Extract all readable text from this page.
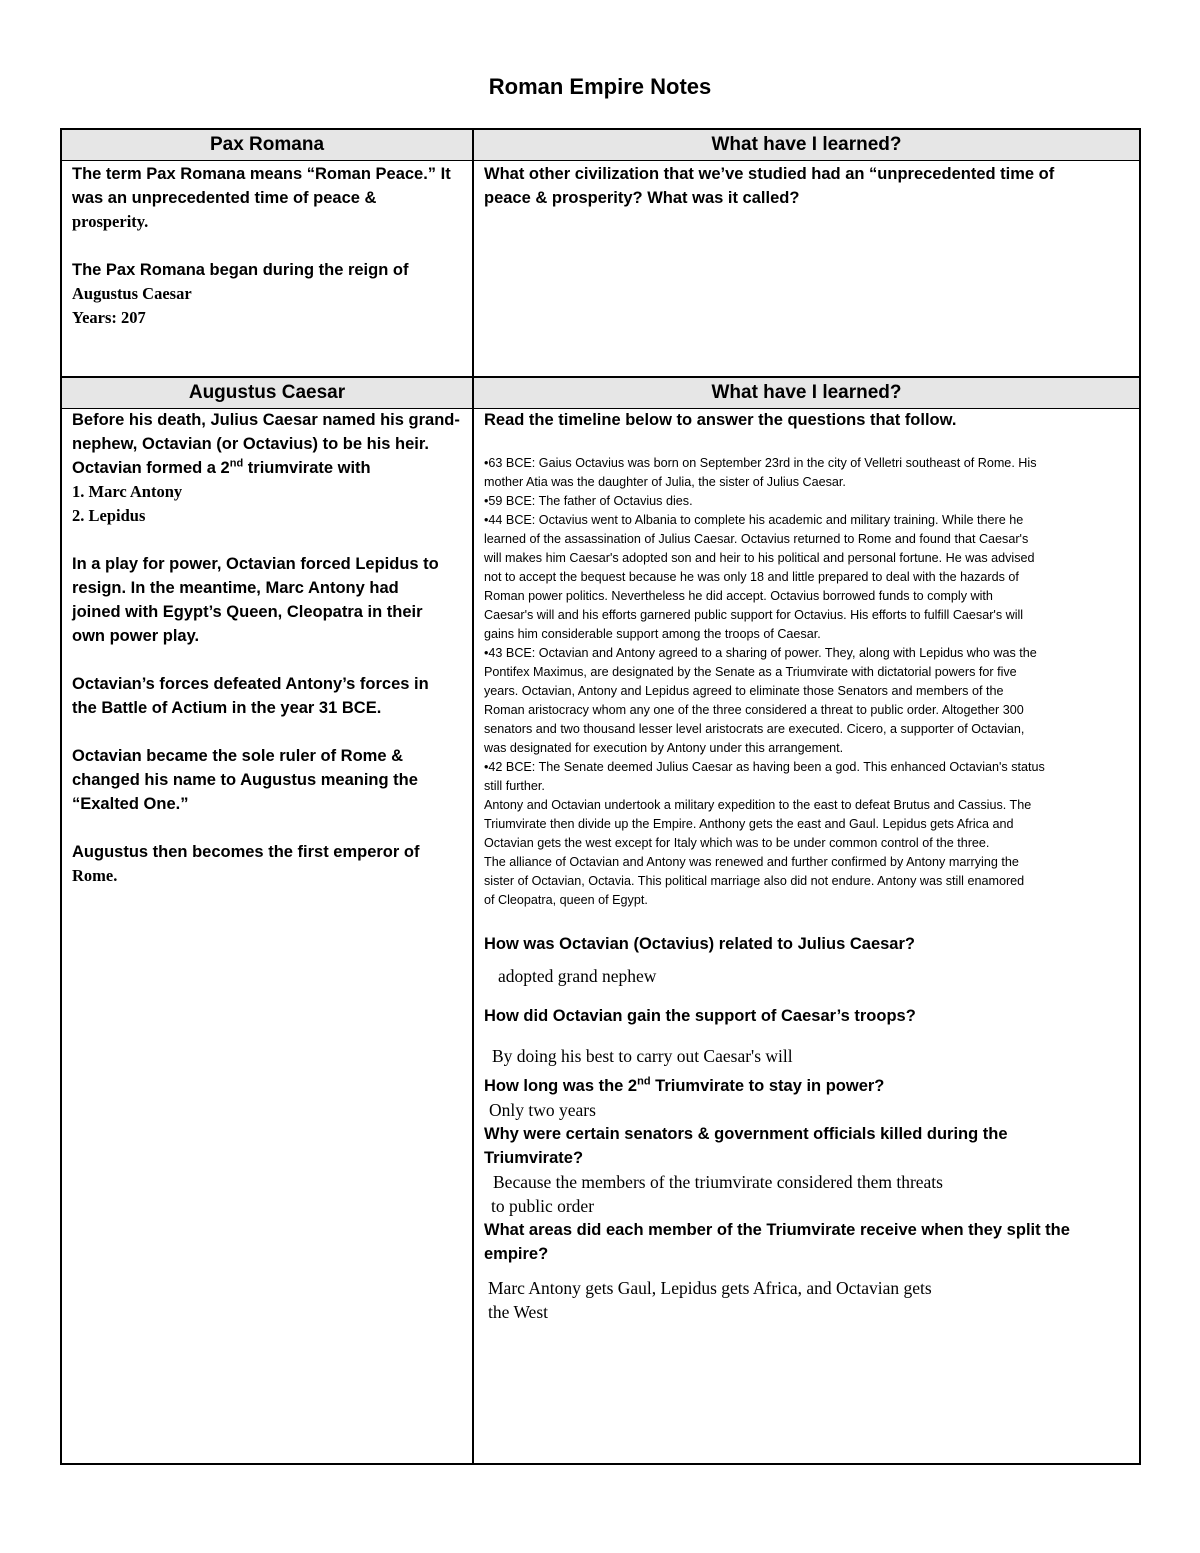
Roman Empire Notes
Pax Romana	What have I learned?

The term Pax Romana means “Roman Peace.” It

was an unprecedented time of peace &

prosperity.

The Pax Romana began during the reign of

Augustus Caesar

Years: 207

What other civilization that we’ve studied had an “unprecedented time of

peace & prosperity? What was it called?

Augustus Caesar	What have I learned?

Before his death, Julius Caesar named his grand-

nephew, Octavian (or Octavius) to be his heir.

Octavian formed a 2nd triumvirate with

1. Marc Antony

2. Lepidus

In a play for power, Octavian forced Lepidus to

resign. In the meantime, Marc Antony had

joined with Egypt’s Queen, Cleopatra in their

own power play.

Octavian’s forces defeated Antony’s forces in

the Battle of Actium in the year 31 BCE.

Octavian became the sole ruler of Rome &

changed his name to Augustus meaning the

“Exalted One.”

Augustus then becomes the first emperor of

Rome.

Read the timeline below to answer the questions that follow.

•63 BCE: Gaius Octavius was born on September 23rd in the city of Velletri southeast of Rome. His

mother Atia was the daughter of Julia, the sister of Julius Caesar.

•59 BCE: The father of Octavius dies.

•44 BCE: Octavius went to Albania to complete his academic and military training. While there he

learned of the assassination of Julius Caesar. Octavius returned to Rome and found that Caesar's

will makes him Caesar's adopted son and heir to his political and personal fortune. He was advised

not to accept the bequest because he was only 18 and little prepared to deal with the hazards of

Roman power politics. Nevertheless he did accept. Octavius borrowed funds to comply with

Caesar's will and his efforts garnered public support for Octavius. His efforts to fulfill Caesar's will

gains him considerable support among the troops of Caesar.

•43 BCE: Octavian and Antony agreed to a sharing of power. They, along with Lepidus who was the

Pontifex Maximus, are designated by the Senate as a Triumvirate with dictatorial powers for five

years. Octavian, Antony and Lepidus agreed to eliminate those Senators and members of the

Roman aristocracy whom any one of the three considered a threat to public order. Altogether 300

senators and two thousand lesser level aristocrats are executed. Cicero, a supporter of Octavian,

was designated for execution by Antony under this arrangement.

•42 BCE: The Senate deemed Julius Caesar as having been a god. This enhanced Octavian's status

still further.

Antony and Octavian undertook a military expedition to the east to defeat Brutus and Cassius. The

Triumvirate then divide up the Empire. Anthony gets the east and Gaul. Lepidus gets Africa and

Octavian gets the west except for Italy which was to be under common control of the three.

The alliance of Octavian and Antony was renewed and further confirmed by Antony marrying the

sister of Octavian, Octavia. This political marriage also did not endure. Antony was still enamored

of Cleopatra, queen of Egypt.

How was Octavian (Octavius) related to Julius Caesar?

adopted grand nephew

How did Octavian gain the support of Caesar’s troops?

By doing his best to carry out Caesar's will

How long was the 2nd Triumvirate to stay in power?

Only two years

Why were certain senators & government officials killed during the

Triumvirate?

Because the members of the triumvirate considered them threats

to public order

What areas did each member of the Triumvirate receive when they split the

empire?

Marc Antony gets Gaul, Lepidus gets Africa, and Octavian gets

the West
